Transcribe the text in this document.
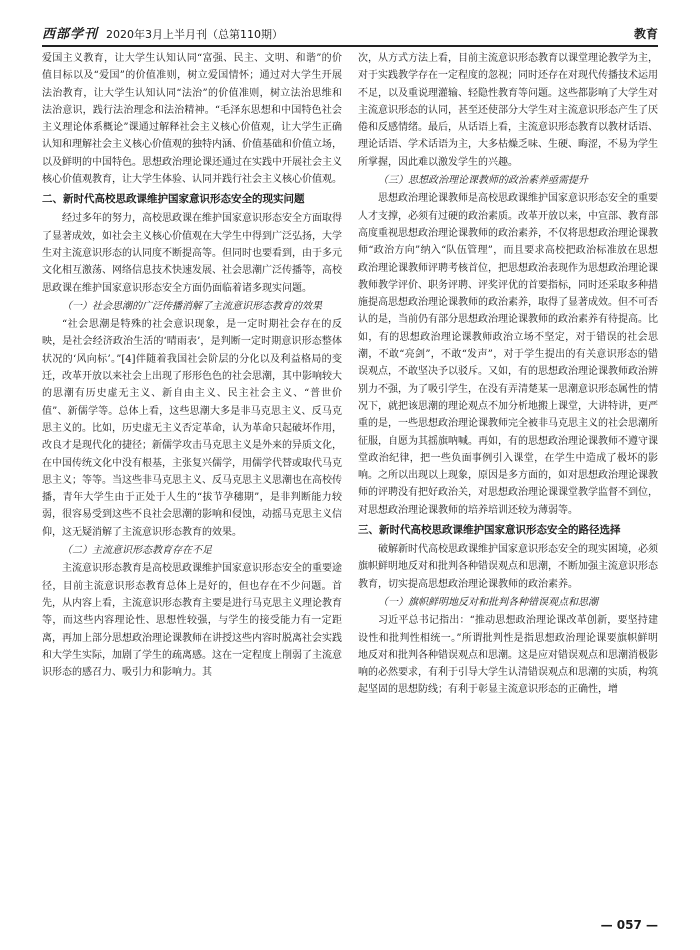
西部学刊 2020年3月上半月刊（总第110期）	教育

爱国主义教育，让大学生认知认同“富强、民主、文明、和谐”的价值目标以及“爱国”的价值准则，树立爱国情怀；通过对大学生开展法治教育，让大学生认知认同“法治”的价值准则，树立法治思维和法治意识，践行法治理念和法治精神。“毛泽东思想和中国特色社会主义理论体系概论”课通过解释社会主义核心价值观，让大学生正确认知和理解社会主义核心价值观的独特内涵、价值基础和价值立场，以及鲜明的中国特色。思想政治理论课还通过在实践中开展社会主义核心价值观教育，让大学生体验、认同并践行社会主义核心价值观。

二、新时代高校思政课维护国家意识形态安全的现实问题

经过多年的努力，高校思政课在维护国家意识形态安全方面取得了显著成效，如社会主义核心价值观在大学生中得到广泛弘扬，大学生对主流意识形态的认同度不断提高等。但同时也要看到，由于多元文化相互激荡、网络信息技术快速发展、社会思潮广泛传播等，高校思政课在维护国家意识形态安全方面仍面临着诸多现实问题。

（一）社会思潮的广泛传播消解了主流意识形态教育的效果

“社会思潮是特殊的社会意识现象，是一定时期社会存在的反映，是社会经济政治生活的‘晴雨表’，是判断一定时期意识形态整体状况的‘风向标’。”[4]伴随着我国社会阶层的分化以及利益格局的变迁，改革开放以来社会上出现了形形色色的社会思潮，其中影响较大的思潮有历史虚无主义、新自由主义、民主社会主义、“普世价值”、新儒学等。总体上看，这些思潮大多是非马克思主义、反马克思主义的。比如，历史虚无主义否定革命，认为革命只起破坏作用，改良才是现代化的捷径；新儒学攻击马克思主义是外来的异质文化，在中国传统文化中没有根基，主张复兴儒学，用儒学代替或取代马克思主义；等等。当这些非马克思主义、反马克思主义思潮也在高校传播，青年大学生由于正处于人生的“拔节孕穗期”，是非判断能力较弱，很容易受到这些不良社会思潮的影响和侵蚀，动摇马克思主义信仰，这无疑消解了主流意识形态教育的效果。

（二）主流意识形态教育存在不足

主流意识形态教育是高校思政课维护国家意识形态安全的重要途径，目前主流意识形态教育总体上是好的，但也存在不少问题。首先，从内容上看，主流意识形态教育主要是进行马克思主义理论教育等，而这些内容理论性、思想性较强，与学生的接受能力有一定距离，再加上部分思想政治理论课教师在讲授这些内容时脱离社会实践和大学生实际，加剧了学生的疏离感。这在一定程度上削弱了主流意识形态的感召力、吸引力和影响力。其

次，从方式方法上看，目前主流意识形态教育以课堂理论教学为主，对于实践教学存在一定程度的忽视；同时还存在对现代传播技术运用不足，以及重说理灌输、轻隐性教育等问题。这些都影响了大学生对主流意识形态的认同，甚至还使部分大学生对主流意识形态产生了厌倦和反感情绪。最后，从话语上看，主流意识形态教育以教材话语、理论话语、学术话语为主，大多枯燥乏味、生硬、晦涩，不易为学生所掌握，因此难以激发学生的兴趣。

（三）思想政治理论课教师的政治素养亟需提升

思想政治理论课教师是高校思政课维护国家意识形态安全的重要人才支撑，必须有过硬的政治素质。改革开放以来，中宣部、教育部高度重视思想政治理论课教师的政治素养，不仅将思想政治理论课教师“政治方向”纳入“队伍管理”，而且要求高校把政治标准放在思想政治理论课教师评聘考核首位，把思想政治表现作为思想政治理论课教师教学评价、职务评聘、评奖评优的首要指标，同时还采取多种措施提高思想政治理论课教师的政治素养，取得了显著成效。但不可否认的是，当前仍有部分思想政治理论课教师的政治素养有待提高。比如，有的思想政治理论课教师政治立场不坚定，对于错误的社会思潮，不敢“亮剑”，不敢“发声”，对于学生提出的有关意识形态的错误观点，不敢坚决予以驳斥。又如，有的思想政治理论课教师政治辨别力不强，为了吸引学生，在没有弄清楚某一思潮意识形态属性的情况下，就把该思潮的理论观点不加分析地搬上课堂，大讲特讲，更严重的是，一些思想政治理论课教师完全被非马克思主义的社会思潮所征服，自愿为其摇旗呐喊。再如，有的思想政治理论课教师不遵守课堂政治纪律，把一些负面事例引入课堂，在学生中造成了极坏的影响。之所以出现以上现象，原因是多方面的，如对思想政治理论课教师的评聘没有把好政治关，对思想政治理论课课堂教学监督不到位，对思想政治理论课教师的培养培训还较为薄弱等。

三、新时代高校思政课维护国家意识形态安全的路径选择

破解新时代高校思政课维护国家意识形态安全的现实困境，必须旗帜鲜明地反对和批判各种错误观点和思潮，不断加强主流意识形态教育，切实提高思想政治理论课教师的政治素养。

（一）旗帜鲜明地反对和批判各种错误观点和思潮

习近平总书记指出：“推动思想政治理论课改革创新，要坚持建设性和批判性相统一。”所谓批判性是指思想政治理论课要旗帜鲜明地反对和批判各种错误观点和思潮。这是应对错误观点和思潮消极影响的必然要求，有利于引导大学生认清错误观点和思潮的实质，构筑起坚固的思想防线；有利于彰显主流意识形态的正确性，增

— 057 —
